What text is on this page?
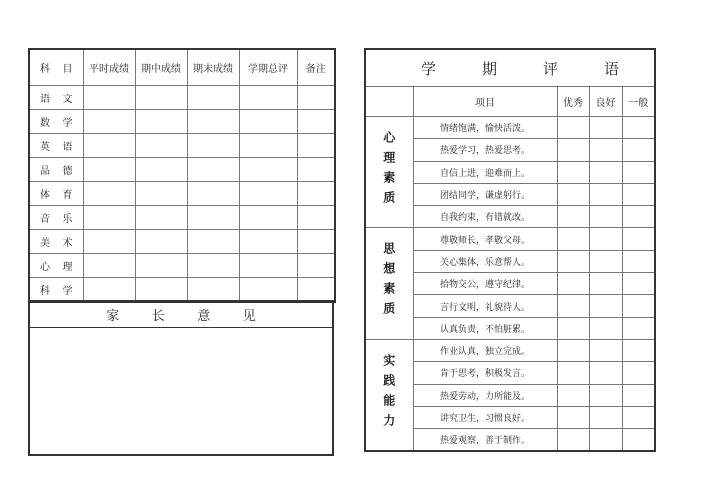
科 目	平时成绩	期中成绩	期末成绩	学期总评	备注

语 文					

数 学					

英 语					

品 德					

体 育					

音 乐					

美 术					

心 理					

科 学					

家 长 意 见
学 期 评 语				

	项目	优秀	良好	一般
心理素质	情绪饱满，愉快活泼。			
	热爱学习，热爱思考。			
	自信上进，迎难而上。			
	团结同学，谦虚躬行。			
	自我约束，有错就改。			
思想素质	尊敬师长，孝敬父母。			
	关心集体，乐意帮人。			
	拾物交公，遵守纪律。			
	言行文明，礼貌待人。			
	认真负责，不怕脏累。			
实践能力	作业认真，独立完成。			
	肯于思考，积极发言。			
	热爱劳动，力所能及。			
	讲究卫生，习惯良好。			
	热爱观察，善于制作。			
